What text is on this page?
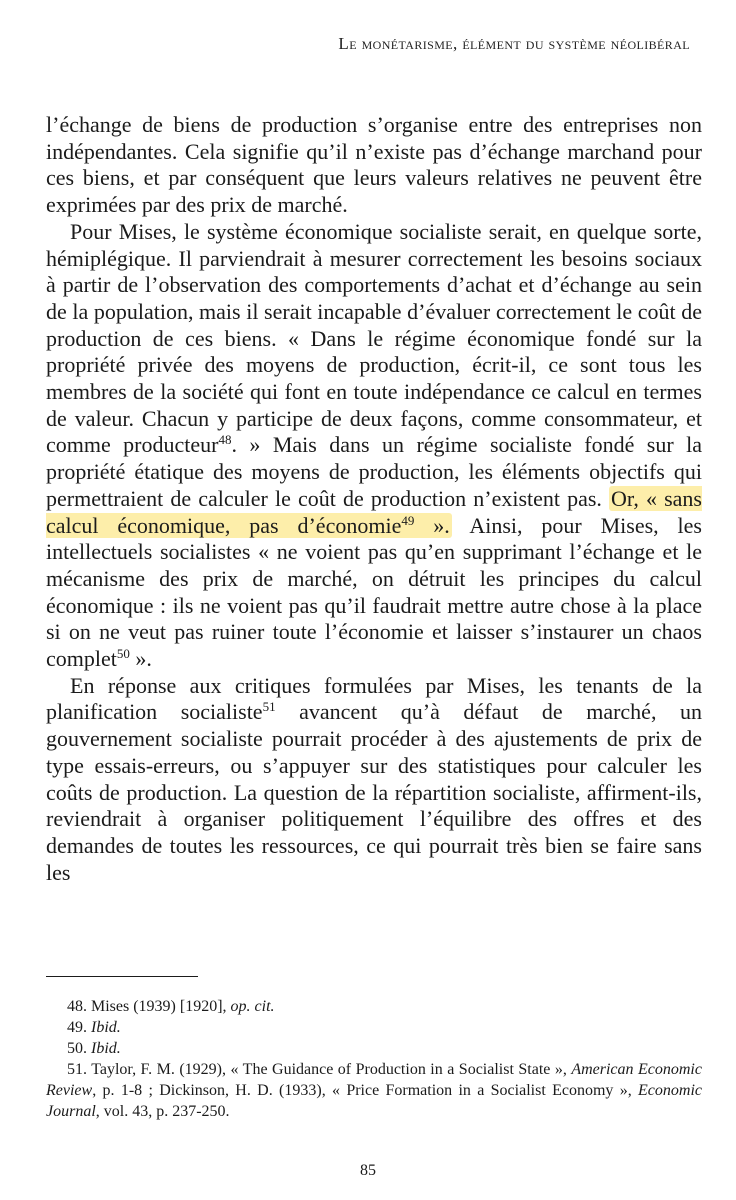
Le monétarisme, élément du système néolibéral

l’échange de biens de production s’organise entre des entreprises non indépendantes. Cela signifie qu’il n’existe pas d’échange marchand pour ces biens, et par conséquent que leurs valeurs relatives ne peuvent être exprimées par des prix de marché.

Pour Mises, le système économique socialiste serait, en quelque sorte, hémiplégique. Il parviendrait à mesurer correctement les besoins sociaux à partir de l’observation des comportements d’achat et d’échange au sein de la population, mais il serait incapable d’évaluer correctement le coût de production de ces biens. « Dans le régime économique fondé sur la propriété privée des moyens de production, écrit-il, ce sont tous les membres de la société qui font en toute indépendance ce calcul en termes de valeur. Chacun y participe de deux façons, comme consommateur, et comme producteur$^{48}$. » Mais dans un régime socialiste fondé sur la propriété étatique des moyens de production, les éléments objectifs qui permettraient de calculer le coût de production n’existent pas. Or, « sans calcul économique, pas d’économie$^{49}$ ». Ainsi, pour Mises, les intellectuels socialistes « ne voient pas qu’en supprimant l’échange et le mécanisme des prix de marché, on détruit les principes du calcul économique : ils ne voient pas qu’il faudrait mettre autre chose à la place si on ne veut pas ruiner toute l’économie et laisser s’instaurer un chaos complet$^{50}$ ».

En réponse aux critiques formulées par Mises, les tenants de la planification socialiste$^{51}$ avancent qu’à défaut de marché, un gouvernement socialiste pourrait procéder à des ajustements de prix de type essais-erreurs, ou s’appuyer sur des statistiques pour calculer les coûts de production. La question de la répartition socialiste, affirment-ils, reviendrait à organiser politiquement l’équilibre des offres et des demandes de toutes les ressources, ce qui pourrait très bien se faire sans les

48. Mises (1939) [1920], op. cit.

49. Ibid.

50. Ibid.

51. Taylor, F. M. (1929), « The Guidance of Production in a Socialist State », American Economic Review, p. 1-8 ; Dickinson, H. D. (1933), « Price Formation in a Socialist Economy », Economic Journal, vol. 43, p. 237-250.

85
